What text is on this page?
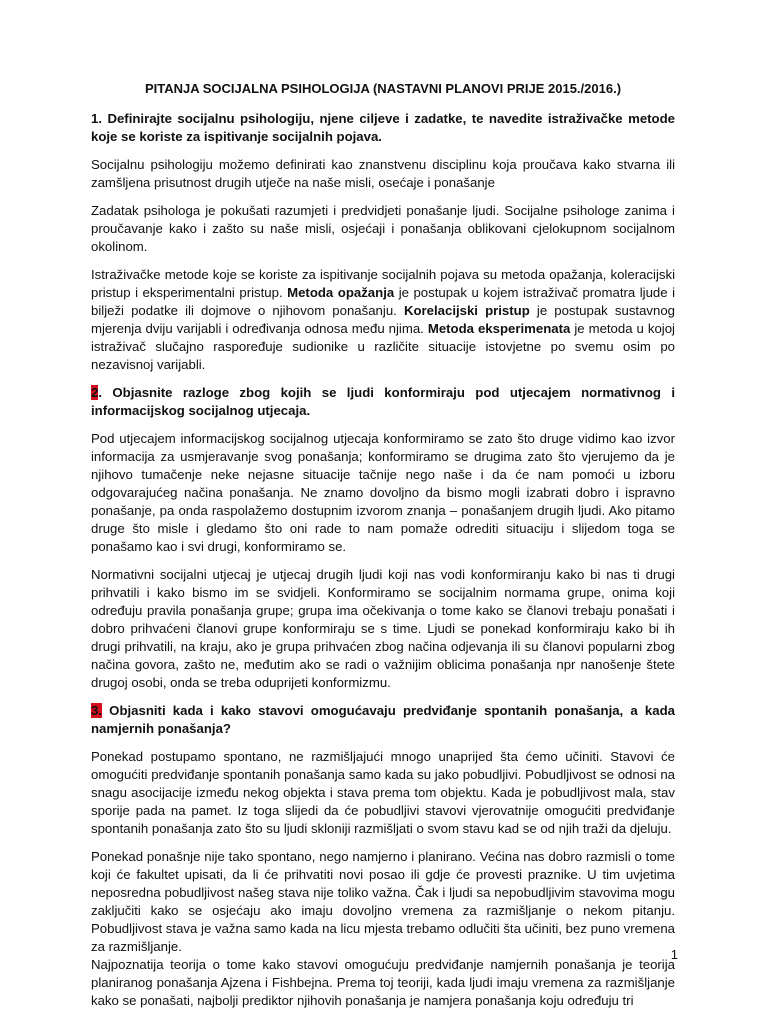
PITANJA SOCIJALNA PSIHOLOGIJA (NASTAVNI PLANOVI PRIJE 2015./2016.)
1. Definirajte socijalnu psihologiju, njene ciljeve i zadatke, te navedite istraživačke metode koje se koriste za ispitivanje socijalnih pojava.

Socijalnu psihologiju možemo definirati kao znanstvenu disciplinu koja proučava kako stvarna ili zamšljena prisutnost drugih utječe na naše misli, osećaje i ponašanje

Zadatak psihologa je pokušati razumjeti i predvidjeti ponašanje ljudi. Socijalne psihologe zanima i proučavanje kako i zašto su naše misli, osjećaji i ponašanja oblikovani cjelokupnom socijalnom okolinom.

Istraživačke metode koje se koriste za ispitivanje socijalnih pojava su metoda opažanja, koleracijski pristup i eksperimentalni pristup. Metoda opažanja je postupak u kojem istraživač promatra ljude i bilježi podatke ili dojmove o njihovom ponašanju. Korelacijski pristup je postupak sustavnog mjerenja dviju varijabli i određivanja odnosa među njima. Metoda eksperimenata je metoda u kojoj istraživač slučajno raspoređuje sudionike u različite situacije istovjetne po svemu osim po nezavisnoj varijabli.

2. Objasnite razloge zbog kojih se ljudi konformiraju pod utjecajem normativnog i informacijskog socijalnog utjecaja.

Pod utjecajem informacijskog socijalnog utjecaja konformiramo se zato što druge vidimo kao izvor informacija za usmjeravanje svog ponašanja; konformiramo se drugima zato što vjerujemo da je njihovo tumačenje neke nejasne situacije tačnije nego naše i da će nam pomoći u izboru odgovarajućeg načina ponašanja. Ne znamo dovoljno da bismo mogli izabrati dobro i ispravno ponašanje, pa onda raspolažemo dostupnim izvorom znanja – ponašanjem drugih ljudi. Ako pitamo druge što misle i gledamo što oni rade to nam pomaže odrediti situaciju i slijedom toga se ponašamo kao i svi drugi, konformiramo se.

Normativni socijalni utjecaj je utjecaj drugih ljudi koji nas vodi konformiranju kako bi nas ti drugi prihvatili i kako bismo im se svidjeli. Konformiramo se socijalnim normama grupe, onima koji određuju pravila ponašanja grupe; grupa ima očekivanja o tome kako se članovi trebaju ponašati i dobro prihvaćeni članovi grupe konformiraju se s time. Ljudi se ponekad konformiraju kako bi ih drugi prihvatili, na kraju, ako je grupa prihvaćen zbog načina odjevanja ili su članovi popularni zbog načina govora, zašto ne, međutim ako se radi o važnijim oblicima ponašanja npr nanošenje štete drugoj osobi, onda se treba oduprijeti konformizmu.

3. Objasniti kada i kako stavovi omogućavaju predviđanje spontanih ponašanja, a kada namjernih ponašanja?

Ponekad postupamo spontano, ne razmišljajući mnogo unaprijed šta ćemo učiniti. Stavovi će omogućiti predviđanje spontanih ponašanja samo kada su jako pobudljivi. Pobudljivost se odnosi na snagu asocijacije između nekog objekta i stava prema tom objektu. Kada je pobudljivost mala, stav sporije pada na pamet. Iz toga slijedi da će pobudljivi stavovi vjerovatnije omogućiti predviđanje spontanih ponašanja zato što su ljudi skloniji razmišljati o svom stavu kad se od njih traži da djeluju.

Ponekad ponašnje nije tako spontano, nego namjerno i planirano. Većina nas dobro razmisli o tome koji će fakultet upisati, da li će prihvatiti novi posao ili gdje će provesti praznike. U tim uvjetima neposredna pobudljivost našeg stava nije toliko važna. Čak i ljudi sa nepobudljivim stavovima mogu zaključiti kako se osjećaju ako imaju dovoljno vremena za razmišljanje o nekom pitanju. Pobudljivost stava je važna samo kada na licu mjesta trebamo odlučiti šta učiniti, bez puno vremena za razmišljanje.

Najpoznatija teorija o tome kako stavovi omogućuju predviđanje namjernih ponašanja je teorija planiranog ponašanja Ajzena i Fishbejna. Prema toj teoriji, kada ljudi imaju vremena za razmišljanje kako se ponašati, najbolji prediktor njihovih ponašanja je namjera ponašanja koju određuju tri

1
